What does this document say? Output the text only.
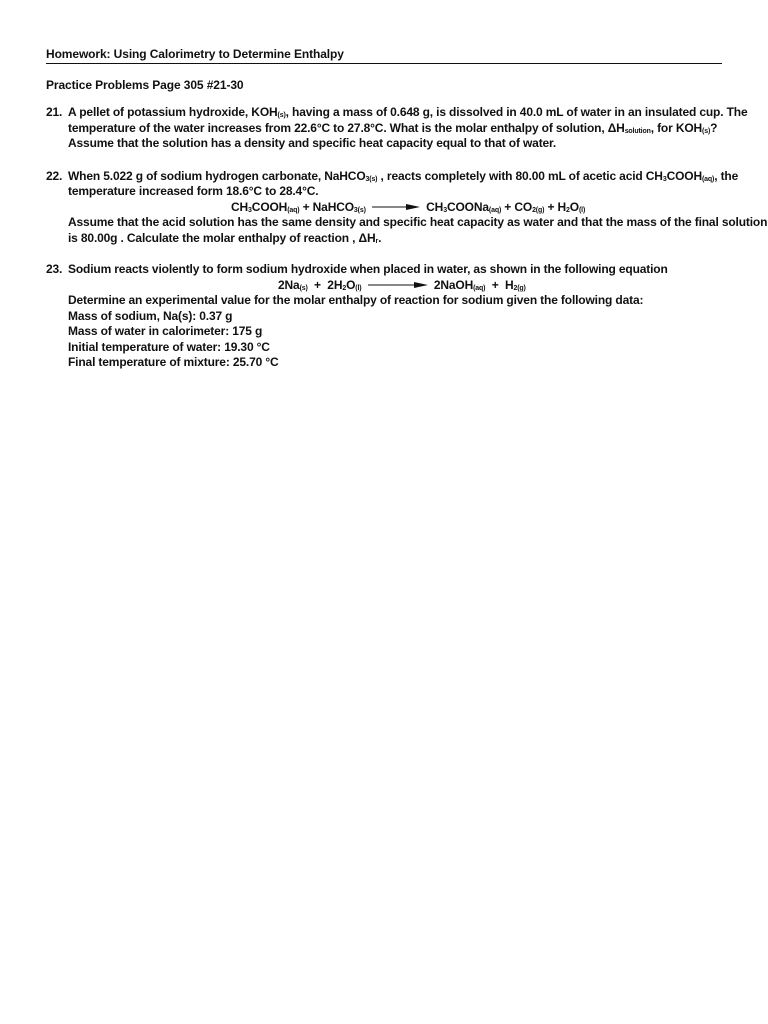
Homework: Using Calorimetry to Determine Enthalpy
Practice Problems Page 305 #21-30
21. A pellet of potassium hydroxide, $KOH_{(s)}$, having a mass of 0.648 g, is dissolved in 40.0 mL of water in an insulated cup. The
temperature of the water increases from 22.6°C to 27.8°C. What is the molar enthalpy of solution, $\Delta H_{solution}$, for $KOH_{(s)}$?
Assume that the solution has a density and specific heat capacity equal to that of water.
22. When 5.022 g of sodium hydrogen carbonate, NaHCO$_{3(s)}$ , reacts completely with 80.00 mL of acetic acid $CH_3COOH_{(aq)}$, the
temperature increased form 18.6°C to 28.4°C.
$CH_3COOH_{(aq)}$ + NaHCO$_{3(s)}$ → $CH_3COONa_{(aq)} + CO_{2(g)} + H_2O_{(l)}$
Assume that the acid solution has the same density and specific heat capacity as water and that the mass of the final solution
is 80.00g . Calculate the molar enthalpy of reaction , $\Delta H_r$.
23. Sodium reacts violently to form sodium hydroxide when placed in water, as shown in the following equation
$2Na_{(s)} + 2H_2O_{(l)}$	2NaOH$_{(aq)}$  +  $H_{2(g)}$
Determine an experimental value for the molar enthalpy of reaction for sodium given the following data:
Mass of sodium, Na(s): 0.37 g
Mass of water in calorimeter: 175 g
Initial temperature of water: 19.30 °C
Final temperature of mixture: 25.70 °C
